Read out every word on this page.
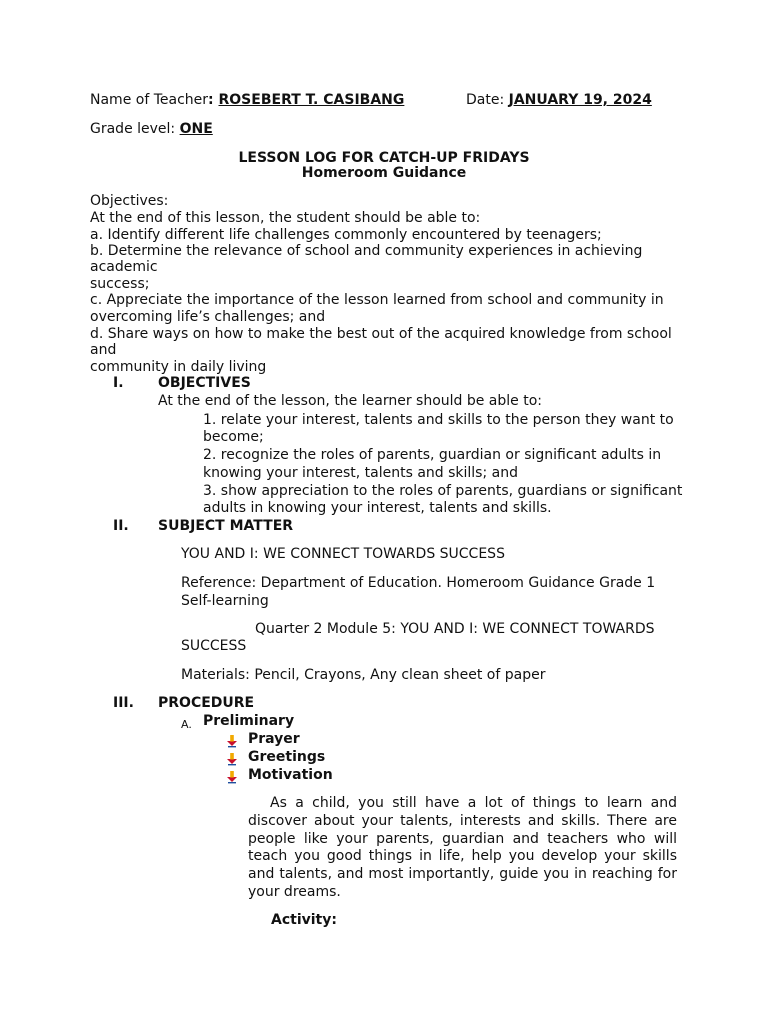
Name of Teacher: ROSEBERT T. CASIBANG	Date: JANUARY 19, 2024
Grade level: ONE
LESSON LOG FOR CATCH-UP FRIDAYS
Homeroom Guidance
Objectives:
At the end of this lesson, the student should be able to:
a. Identify different life challenges commonly encountered by teenagers;
b. Determine the relevance of school and community experiences in achieving
academic
success;
c. Appreciate the importance of the lesson learned from school and community in
overcoming life’s challenges; and
d. Share ways on how to make the best out of the acquired knowledge from school
and
community in daily living
I. OBJECTIVES
At the end of the lesson, the learner should be able to:
1. relate your interest, talents and skills to the person they want to
become;
2. recognize the roles of parents, guardian or significant adults in
knowing your interest, talents and skills; and
3. show appreciation to the roles of parents, guardians or significant
adults in knowing your interest, talents and skills.
II. SUBJECT MATTER
YOU AND I: WE CONNECT TOWARDS SUCCESS
Reference: Department of Education. Homeroom Guidance Grade 1
Self-learning
Quarter 2 Module 5: YOU AND I: WE CONNECT TOWARDS
SUCCESS
Materials: Pencil, Crayons, Any clean sheet of paper
III. PROCEDURE
A. Preliminary
Prayer
Greetings
Motivation
As a child, you still have a lot of things to learn and discover about your talents, interests and skills. There are people like your parents, guardian and teachers who will teach you good things in life, help you develop your skills and talents, and most importantly, guide you in reaching for your dreams.
Activity:
